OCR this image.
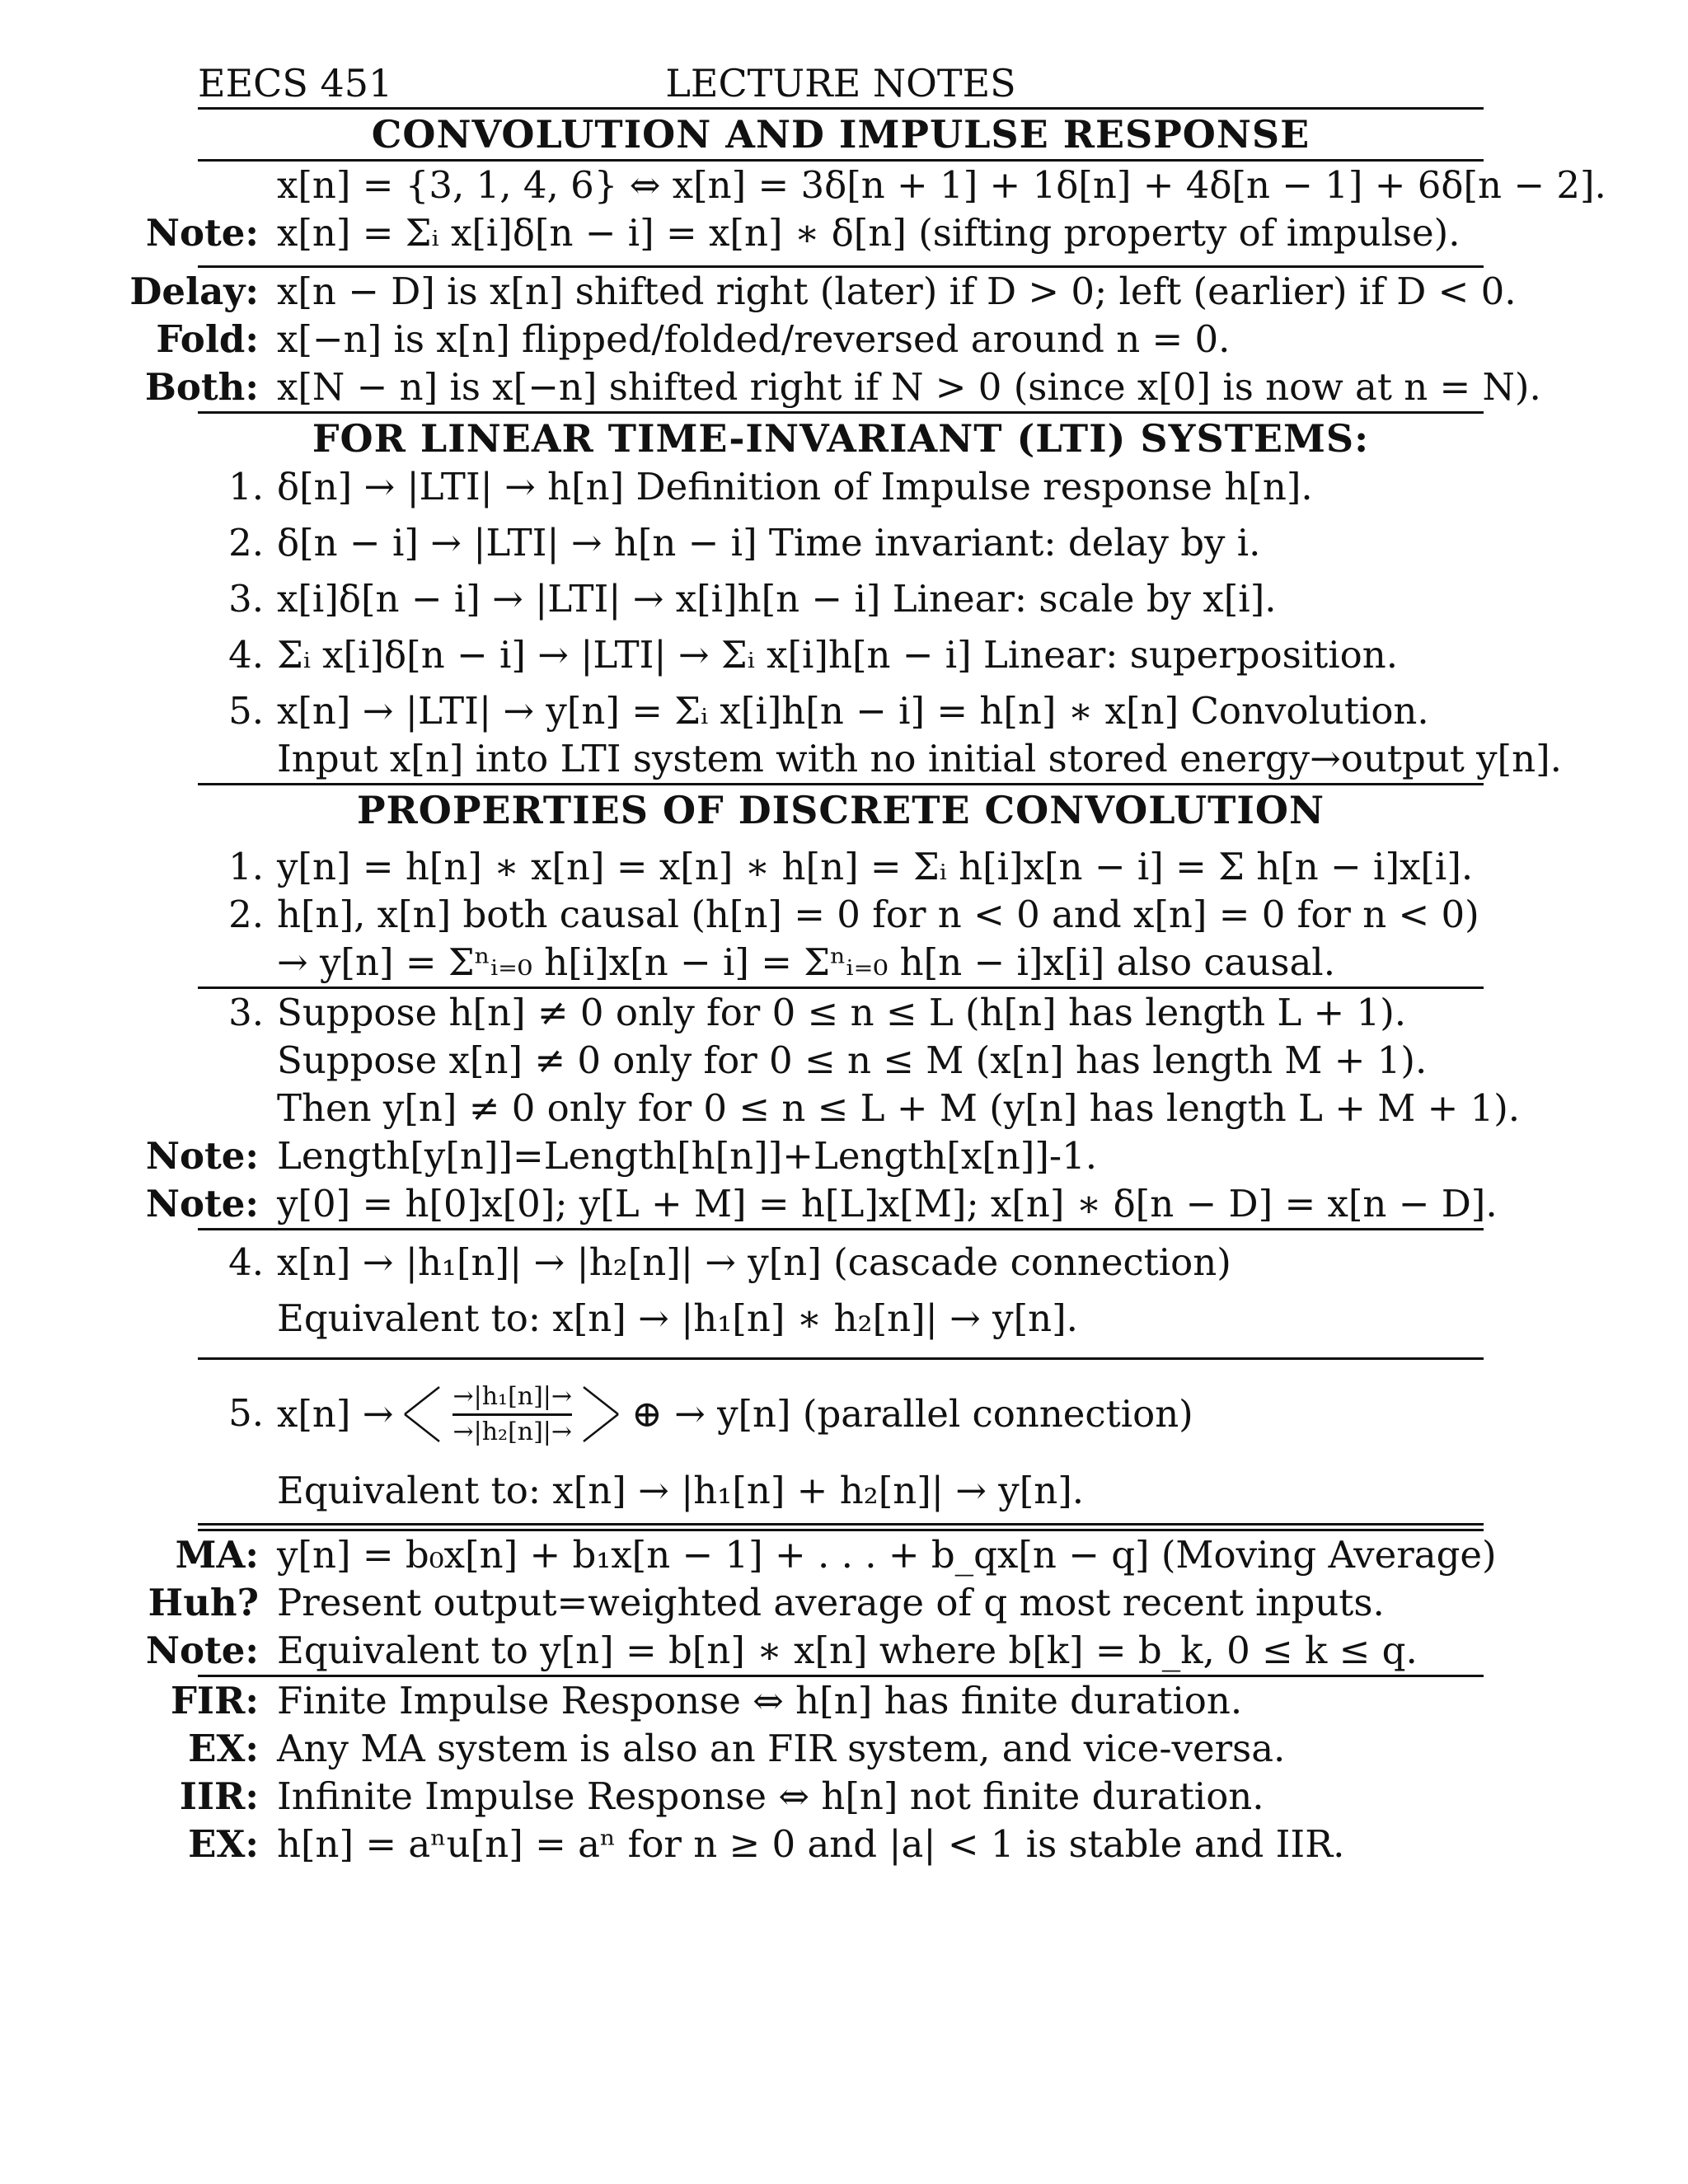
EECS 451	LECTURE NOTES
CONVOLUTION AND IMPULSE RESPONSE
x[n] = {3, 1, 4, 6} ⇔ x[n] = 3δ[n + 1] + 1δ[n] + 4δ[n − 1] + 6δ[n − 2].
Note: x[n] = Σᵢ x[i]δ[n − i] = x[n] ∗ δ[n] (sifting property of impulse).
Delay: x[n − D] is x[n] shifted right (later) if D > 0; left (earlier) if D < 0.
Fold: x[−n] is x[n] flipped/folded/reversed around n = 0.
Both: x[N − n] is x[−n] shifted right if N > 0 (since x[0] is now at n = N).
FOR LINEAR TIME-INVARIANT (LTI) SYSTEMS:
1. δ[n] → |LTI| → h[n] Definition of Impulse response h[n].
2. δ[n − i] → |LTI| → h[n − i] Time invariant: delay by i.
3. x[i]δ[n − i] → |LTI| → x[i]h[n − i] Linear: scale by x[i].
4. Σᵢ x[i]δ[n − i] → |LTI| → Σᵢ x[i]h[n − i] Linear: superposition.
5. x[n] → |LTI| → y[n] = Σᵢ x[i]h[n − i] = h[n] ∗ x[n] Convolution.
Input x[n] into LTI system with no initial stored energy→output y[n].
PROPERTIES OF DISCRETE CONVOLUTION
1. y[n] = h[n] ∗ x[n] = x[n] ∗ h[n] = Σᵢ h[i]x[n − i] = Σ h[n − i]x[i].
2. h[n], x[n] both causal (h[n] = 0 for n < 0 and x[n] = 0 for n < 0)
→ y[n] = Σⁿᵢ₌₀ h[i]x[n − i] = Σⁿᵢ₌₀ h[n − i]x[i] also causal.
3. Suppose h[n] ≠ 0 only for 0 ≤ n ≤ L (h[n] has length L + 1).
Suppose x[n] ≠ 0 only for 0 ≤ n ≤ M (x[n] has length M + 1).
Then y[n] ≠ 0 only for 0 ≤ n ≤ L + M (y[n] has length L + M + 1).
Note: Length[y[n]]=Length[h[n]]+Length[x[n]]-1.
Note: y[0] = h[0]x[0]; y[L + M] = h[L]x[M]; x[n] ∗ δ[n − D] = x[n − D].
4. x[n] → |h₁[n]| → |h₂[n]| → y[n] (cascade connection)
Equivalent to: x[n] → |h₁[n] ∗ h₂[n]| → y[n].
5. x[n] → →|h₁[n]|→
→|h₂[n]|→ ⊕ → y[n] (parallel connection)
Equivalent to: x[n] → |h₁[n] + h₂[n]| → y[n].
MA: y[n] = b₀x[n] + b₁x[n − 1] + . . . + b_qx[n − q] (Moving Average)
Huh? Present output=weighted average of q most recent inputs.
Note: Equivalent to y[n] = b[n] ∗ x[n] where b[k] = b_k, 0 ≤ k ≤ q.
FIR: Finite Impulse Response ⇔ h[n] has finite duration.
EX: Any MA system is also an FIR system, and vice-versa.
IIR: Infinite Impulse Response ⇔ h[n] not finite duration.
EX: h[n] = aⁿu[n] = aⁿ for n ≥ 0 and |a| < 1 is stable and IIR.
